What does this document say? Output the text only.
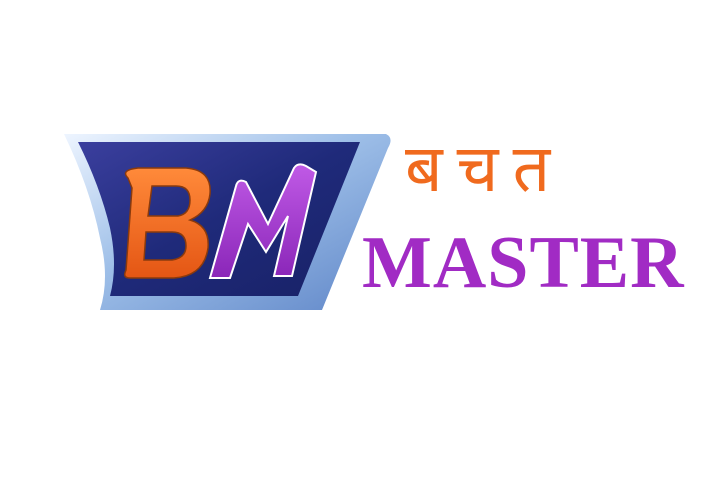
बचत

MASTER
